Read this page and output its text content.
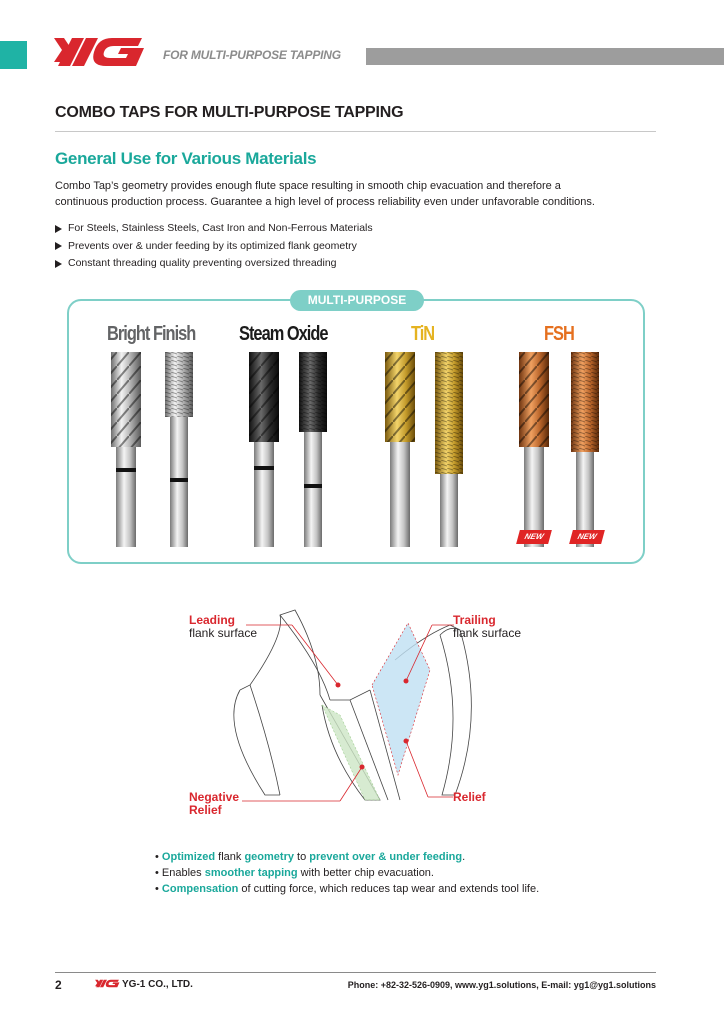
FOR MULTI-PURPOSE TAPPING
COMBO TAPS FOR MULTI-PURPOSE TAPPING
General Use for Various Materials

Combo Tap’s geometry provides enough flute space resulting in smooth chip evacuation and therefore a
continuous production process. Guarantee a high level of process reliability even under unfavorable conditions.

For Steels, Stainless Steels, Cast Iron and Non-Ferrous Materials
Prevents over & under feeding by its optimized flank geometry
Constant threading quality preventing oversized threading
MULTI-PURPOSE
Bright Finish Steam Oxide	TiN	FSH
NEW	NEW
Leading
flank surface
Trailing
flank surface
Negative
Relief
Relief
• Optimized flank geometry to prevent over & under feeding.
• Enables smoother tapping with better chip evacuation.
• Compensation of cutting force, which reduces tap wear and extends tool life.
2	YG-1 CO., LTD.	Phone: +82-32-526-0909, www.yg1.solutions, E-mail: yg1@yg1.solutions
